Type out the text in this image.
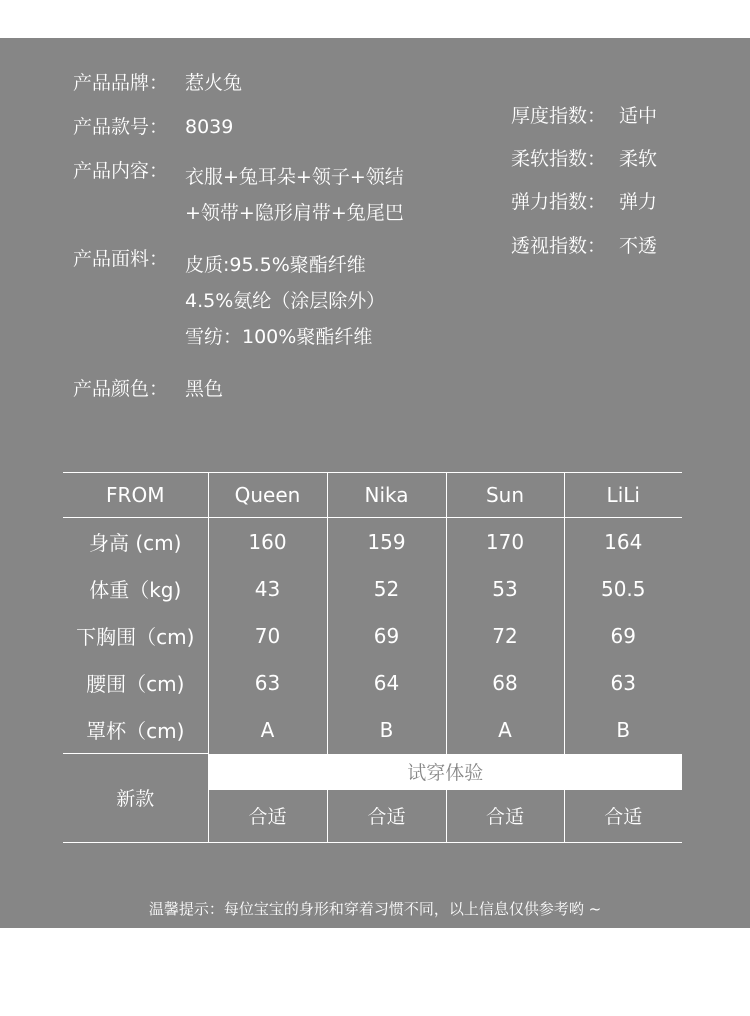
产品品牌： 惹火兔
产品款号： 8039
产品内容： 衣服+兔耳朵+领子+领结
+领带+隐形肩带+兔尾巴
产品面料： 皮质:95.5%聚酯纤维
4.5%氨纶（涂层除外）
雪纺：100%聚酯纤维
产品颜色： 黑色
厚度指数： 适中
柔软指数： 柔软
弹力指数： 弹力
透视指数： 不透
FROM	Queen	Nika	Sun	LiLi
身高 (cm)	160	159	170	164
体重（kg)	43	52	53	50.5
下胸围（cm)	70	69	72	69
腰围（cm)	63	64	68	63
罩杯（cm)	A	B	A	B
新款	试穿体验			
	合适	合适	合适	合适
温馨提示：每位宝宝的身形和穿着习惯不同，以上信息仅供参考哟 ~
